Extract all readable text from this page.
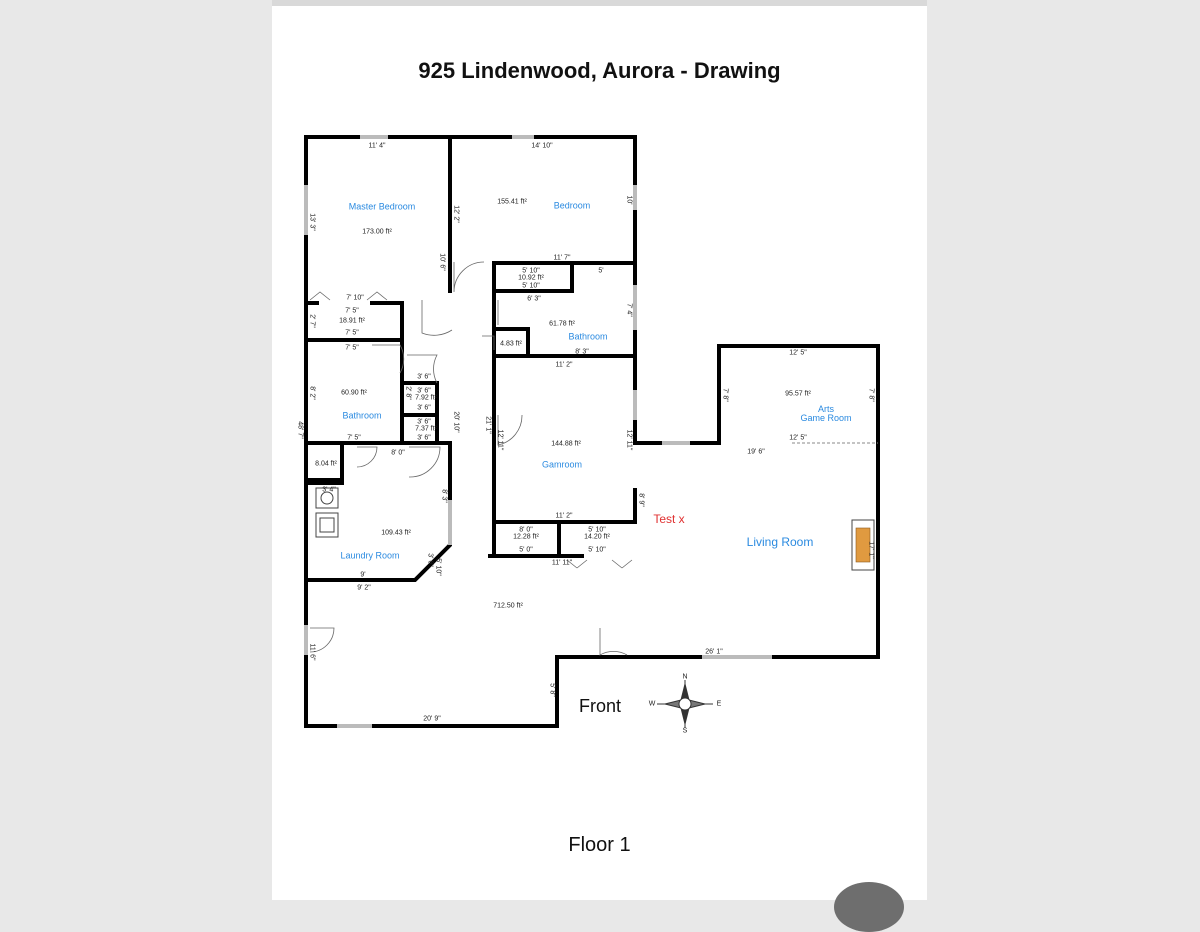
925 Lindenwood, Aurora - Drawing
Master Bedroom
173.00 ft²
Bedroom
155.41 ft²
Bathroom
61.78 ft²
Bathroom
60.90 ft²
Gamroom
144.88 ft²
Arts
Game Room
95.57 ft²
Living Room
712.50 ft²
Laundry Room
109.43 ft²
18.91 ft²
10.92 ft²
4.83 ft²
7.92 ft²
7.37 ft²
8.04 ft²
12.28 ft²	14.20 ft²
11' 4"	14' 10"
11' 7"
5' 10"
5' 10"
5'
6' 3"
8' 3"
7' 10"
7' 5"
7' 5"
7' 5"
3' 6"
3' 6"
3' 6"
3' 6"
3' 6"
7' 5"
8' 0"
11' 2"
11' 2"
8' 0"
5' 0"
5' 10"
5' 10"
11' 11"
12' 5"
12' 5"
19' 6"
26' 1"
3' 4"
9'
9' 2"
20' 9"
13' 3"	12' 2"
10'
7' 4"
2' 7"
8' 2"
12' 11"	12' 11"
7' 8"	7' 8"
17' 1"
8' 3"
3' 6" 5' 10"
11' 6"
5' 8"
20' 10"	21' 1"
48' 7"
10' 6"
2' 8"
8' 9"
N
S
E
W
Test x
Front
Floor 1
